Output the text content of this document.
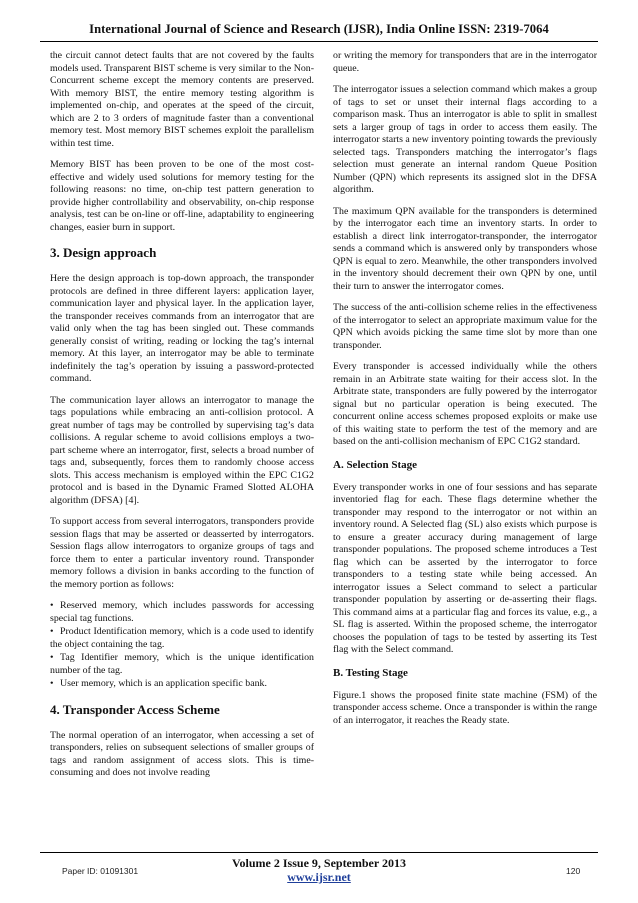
International Journal of Science and Research (IJSR), India Online ISSN: 2319-7064

the circuit cannot detect faults that are not covered by the faults models used. Transparent BIST scheme is very similar to the Non-Concurrent scheme except the memory contents are preserved. With memory BIST, the entire memory testing algorithm is implemented on-chip, and operates at the speed of the circuit, which are 2 to 3 orders of magnitude faster than a conventional memory test. Most memory BIST schemes exploit the parallelism within test time.

Memory BIST has been proven to be one of the most cost-effective and widely used solutions for memory testing for the following reasons: no time, on-chip test pattern generation to provide higher controllability and observability, on-chip response analysis, test can be on-line or off-line, adaptability to engineering changes, easier burn in support.

3. Design approach

Here the design approach is top-down approach, the transponder protocols are defined in three different layers: application layer, communication layer and physical layer. In the application layer, the transponder receives commands from an interrogator that are valid only when the tag has been singled out. These commands generally consist of writing, reading or locking the tag’s internal memory. At this layer, an interrogator may be able to terminate indefinitely the tag’s operation by issuing a password-protected command.

The communication layer allows an interrogator to manage the tags populations while embracing an anti-collision protocol. A great number of tags may be controlled by supervising tag’s data collisions. A regular scheme to avoid collisions employs a two-part scheme where an interrogator, first, selects a broad number of tags and, subsequently, forces them to randomly choose access slots. This access mechanism is employed within the EPC C1G2 protocol and is based in the Dynamic Framed Slotted ALOHA algorithm (DFSA) [4].

To support access from several interrogators, transponders provide session flags that may be asserted or deasserted by interrogators. Session flags allow interrogators to organize groups of tags and force them to enter a particular inventory round. Transponder memory follows a division in banks according to the function of the memory portion as follows:

• Reserved memory, which includes passwords for accessing special tag functions.
• Product Identification memory, which is a code used to identify the object containing the tag.
• Tag Identifier memory, which is the unique identification number of the tag.
• User memory, which is an application specific bank.
4. Transponder Access Scheme

The normal operation of an interrogator, when accessing a set of transponders, relies on subsequent selections of smaller groups of tags and random assignment of access slots. This is time-consuming and does not involve reading

or writing the memory for transponders that are in the interrogator queue.

The interrogator issues a selection command which makes a group of tags to set or unset their internal flags according to a comparison mask. Thus an interrogator is able to split in smallest sets a larger group of tags in order to access them easily. The interrogator starts a new inventory pointing towards the previously selected tags. Transponders matching the interrogator’s flags selection must generate an internal random Queue Position Number (QPN) which represents its assigned slot in the DFSA algorithm.

The maximum QPN available for the transponders is determined by the interrogator each time an inventory starts. In order to establish a direct link interrogator-transponder, the interrogator sends a command which is answered only by transponders whose QPN is equal to zero. Meanwhile, the other transponders involved in the inventory should decrement their own QPN by one, until their turn to answer the interrogator comes.

The success of the anti-collision scheme relies in the effectiveness of the interrogator to select an appropriate maximum value for the QPN which avoids picking the same time slot by more than one transponder.

Every transponder is accessed individually while the others remain in an Arbitrate state waiting for their access slot. In the Arbitrate state, transponders are fully powered by the interrogator signal but no particular operation is being executed. The concurrent online access schemes proposed exploits or make use of this waiting state to perform the test of the memory and are based on the anti-collision mechanism of EPC C1G2 standard.

A. Selection Stage

Every transponder works in one of four sessions and has separate inventoried flag for each. These flags determine whether the transponder may respond to the interrogator or not within an inventory round. A Selected flag (SL) also exists which purpose is to ensure a greater accuracy during management of large transponder populations. The proposed scheme introduces a Test flag which can be asserted by the interrogator to force transponders to a testing state while being accessed. An interrogator issues a Select command to select a particular transponder population by asserting or de-asserting their flags. This command aims at a particular flag and forces its value, e.g., a SL flag is asserted. Within the proposed scheme, the interrogator chooses the population of tags to be tested by asserting its Test flag with the Select command.

B. Testing Stage

Figure.1 shows the proposed finite state machine (FSM) of the transponder access scheme. Once a transponder is within the range of an interrogator, it reaches the Ready state.

Volume 2 Issue 9, September 2013
www.ijsr.net
Paper ID: 01091301	120
